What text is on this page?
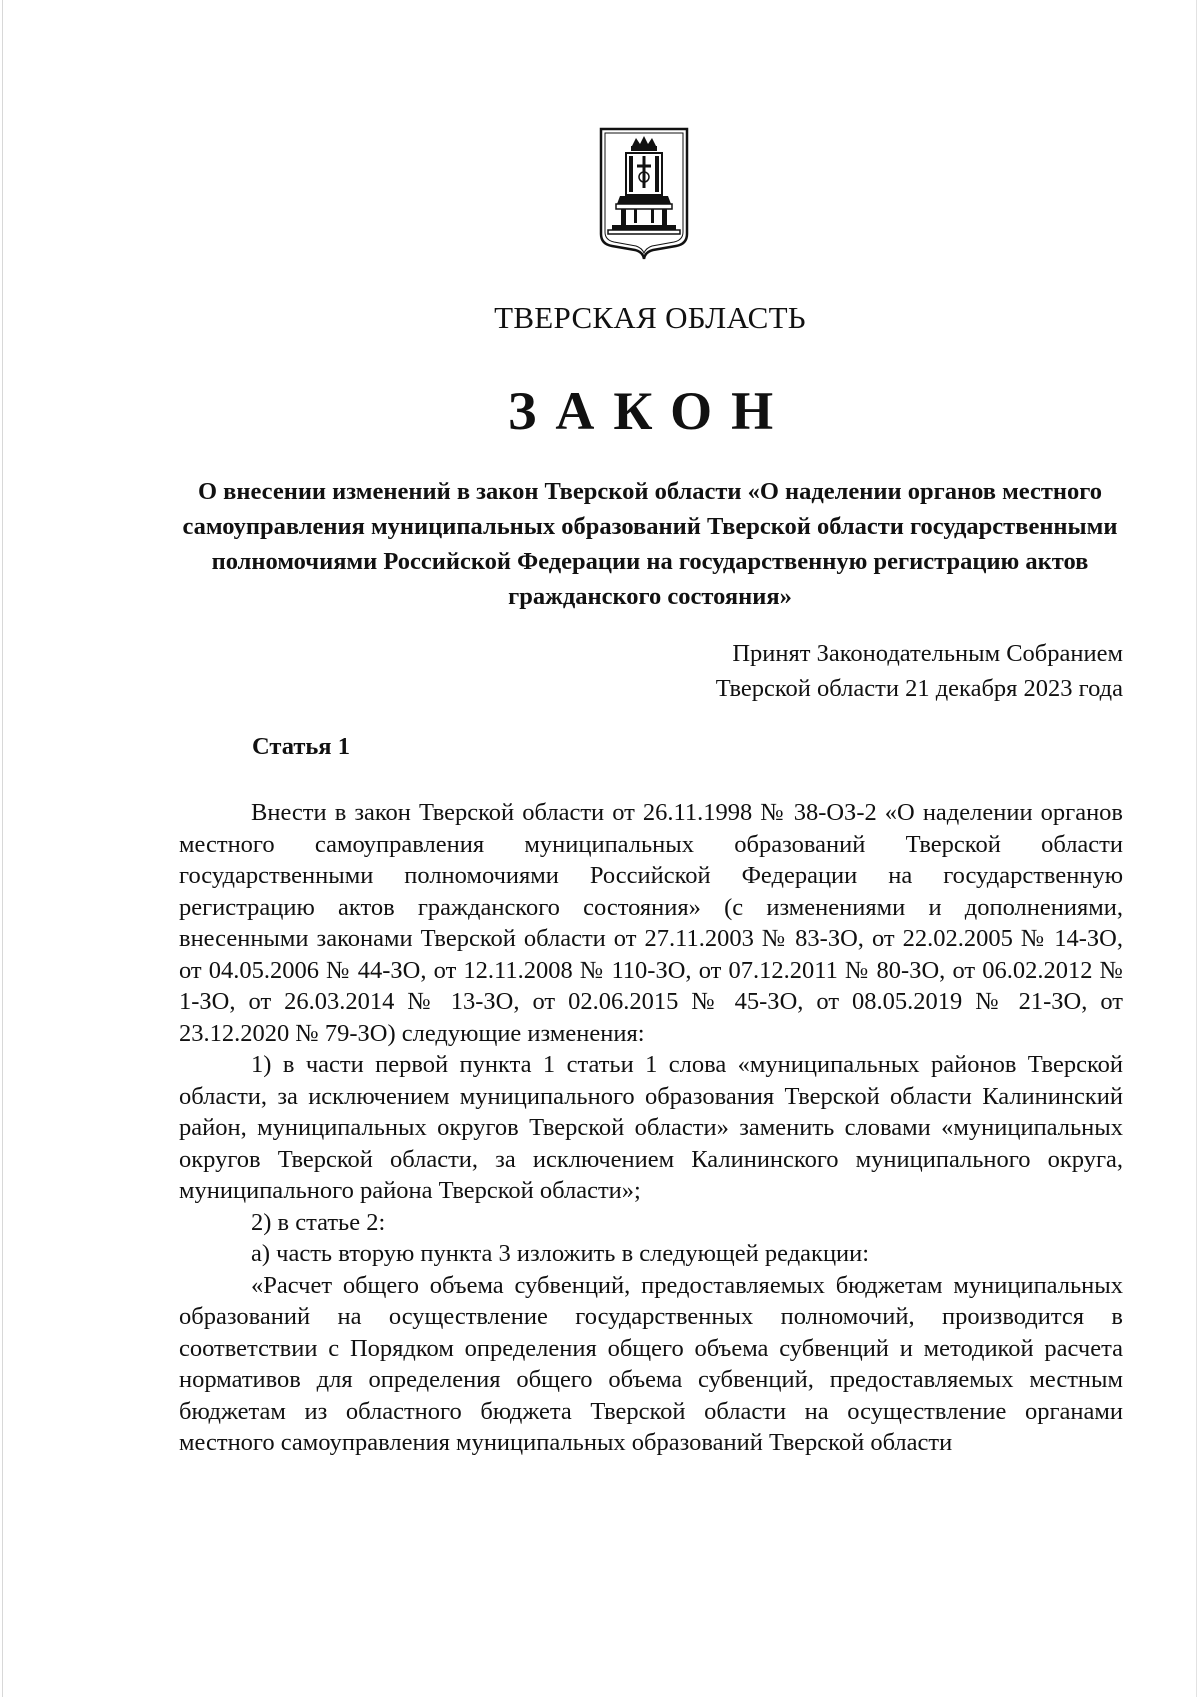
ТВЕРСКАЯ ОБЛАСТЬ
ЗАКОН
О внесении изменений в закон Тверской области «О наделении органов местного самоуправления муниципальных образований Тверской области государственными полномочиями Российской Федерации на государственную регистрацию актов гражданского состояния»
Принят Законодательным Собранием
Тверской области 21 декабря 2023 года
Статья 1

Внести в закон Тверской области от 26.11.1998 № 38-ОЗ-2 «О наделении органов местного самоуправления муниципальных образований Тверской области государственными полномочиями Российской Федерации на государственную регистрацию актов гражданского состояния» (с изменениями и дополнениями, внесенными законами Тверской области от 27.11.2003 № 83-ЗО, от 22.02.2005 № 14-ЗО, от 04.05.2006 № 44-ЗО, от 12.11.2008 № 110-ЗО, от 07.12.2011 № 80-ЗО, от 06.02.2012 № 1-ЗО, от 26.03.2014 № 13-ЗО, от 02.06.2015 № 45-ЗО, от 08.05.2019 № 21-ЗО, от 23.12.2020 № 79-ЗО) следующие изменения:

1) в части первой пункта 1 статьи 1 слова «муниципальных районов Тверской области, за исключением муниципального образования Тверской области Калининский район, муниципальных округов Тверской области» заменить словами «муниципальных округов Тверской области, за исключением Калининского муниципального округа, муниципального района Тверской области»;

2) в статье 2:

а) часть вторую пункта 3 изложить в следующей редакции:

«Расчет общего объема субвенций, предоставляемых бюджетам муниципальных образований на осуществление государственных полномочий, производится в соответствии с Порядком определения общего объема субвенций и методикой расчета нормативов для определения общего объема субвенций, предоставляемых местным бюджетам из областного бюджета Тверской области на осуществление органами местного самоуправления муниципальных образований Тверской области
